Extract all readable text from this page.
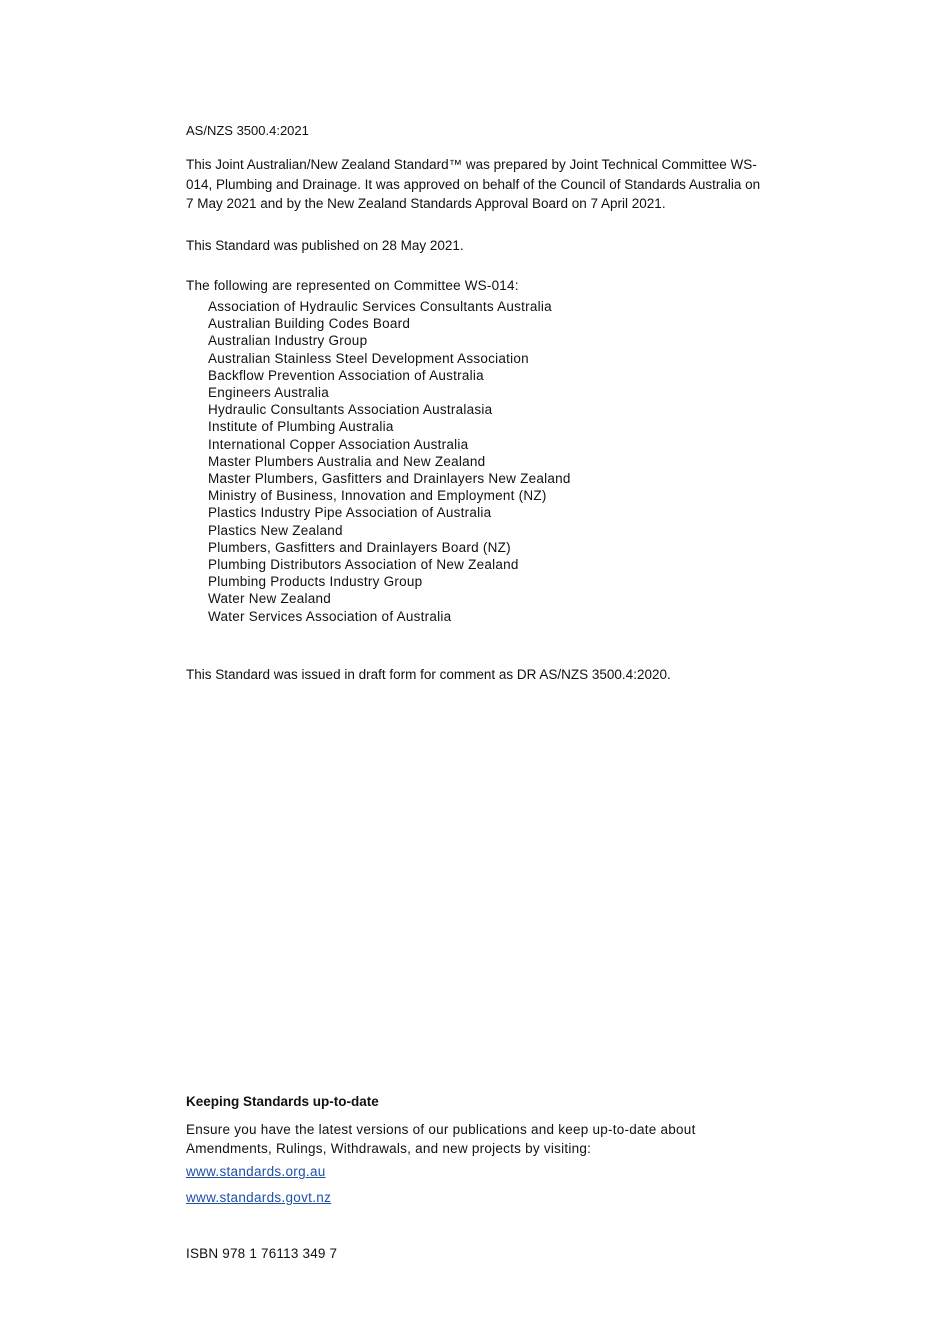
AS/NZS 3500.4:2021

This Joint Australian/New Zealand Standard™ was prepared by Joint Technical Committee WS-014, Plumbing and Drainage. It was approved on behalf of the Council of Standards Australia on 7 May 2021 and by the New Zealand Standards Approval Board on 7 April 2021.

This Standard was published on 28 May 2021.

The following are represented on Committee WS-014:

Association of Hydraulic Services Consultants Australia
Australian Building Codes Board
Australian Industry Group
Australian Stainless Steel Development Association
Backflow Prevention Association of Australia
Engineers Australia
Hydraulic Consultants Association Australasia
Institute of Plumbing Australia
International Copper Association Australia
Master Plumbers Australia and New Zealand
Master Plumbers, Gasfitters and Drainlayers New Zealand
Ministry of Business, Innovation and Employment (NZ)
Plastics Industry Pipe Association of Australia
Plastics New Zealand
Plumbers, Gasfitters and Drainlayers Board (NZ)
Plumbing Distributors Association of New Zealand
Plumbing Products Industry Group
Water New Zealand
Water Services Association of Australia

This Standard was issued in draft form for comment as DR AS/NZS 3500.4:2020.

Keeping Standards up-to-date

Ensure you have the latest versions of our publications and keep up-to-date about Amendments, Rulings, Withdrawals, and new projects by visiting:

www.standards.org.au
www.standards.govt.nz

ISBN 978 1 76113 349 7
